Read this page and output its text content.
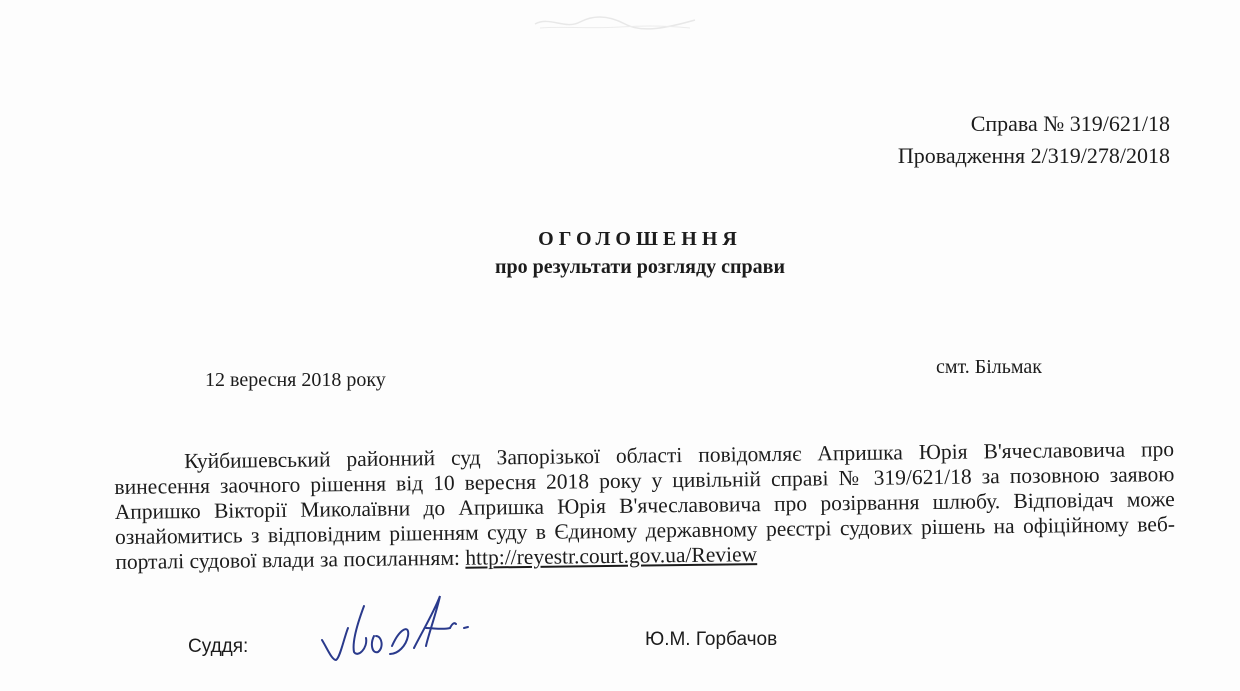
Справа № 319/621/18
Провадження 2/319/278/2018
ОГОЛОШЕННЯ
про результати розгляду справи
12 вересня 2018 року
смт. Більмак
Куйбишевський районний суд Запорізької області повідомляє Апришка Юрія В'ячеславовича про винесення заочного рішення від 10 вересня 2018 року у цивільній справі № 319/621/18 за позовною заявою Апришко Вікторії Миколаївни до Апришка Юрія В'ячеславовича про розірвання шлюбу. Відповідач може ознайомитись з відповідним рішенням суду в Єдиному державному реєстрі судових рішень на офіційному веб-порталі судової влади за посиланням: http://reyestr.court.gov.ua/Review
Суддя:	Ю.М. Горбачов
